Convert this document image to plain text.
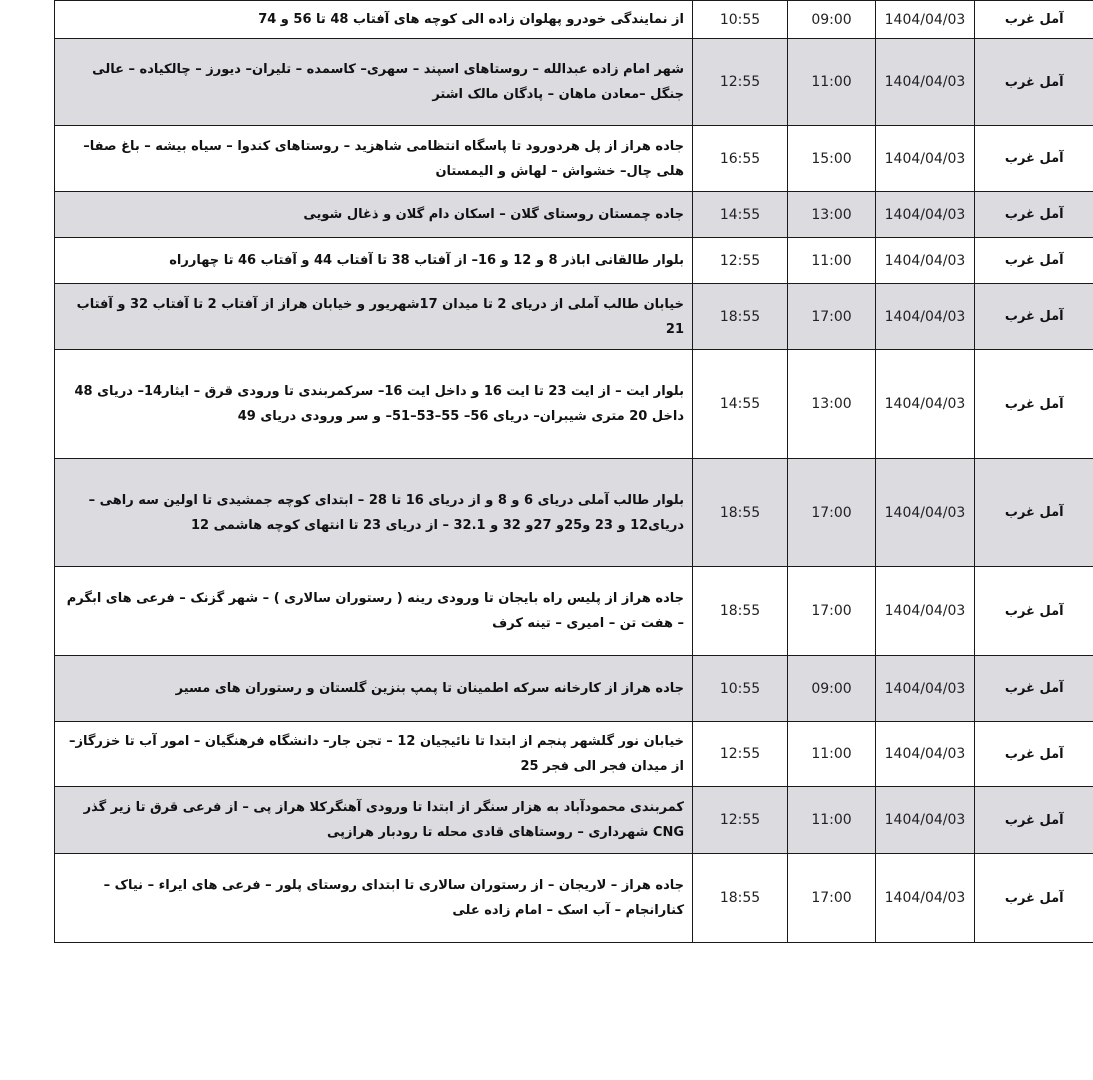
از نمایندگی خودرو پهلوان زاده الی کوچه های آفتاب 48 تا 56 و 74	10:55	09:00	1404/04/03	آمل غرب
شهر امام زاده عبدالله – روستاهای اسپند – سهری– کاسمده – تلیران– دیورز – چالکیاده – عالی جنگل –معادن ماهان – پادگان مالک اشتر	12:55	11:00	1404/04/03	آمل غرب
جاده هراز از پل هردورود تا پاسگاه انتظامی شاهزید – روستاهای کندوا – سیاه بیشه – باغ صفا– هلی چال– خشواش – لهاش و الیمستان	16:55	15:00	1404/04/03	آمل غرب
جاده چمستان روستای گلان – اسکان دام گلان و ذغال شویی	14:55	13:00	1404/04/03	آمل غرب
بلوار طالقانی اباذر 8 و 12 و 16– از آفتاب 38 تا آفتاب 44 و آفتاب 46 تا چهارراه	12:55	11:00	1404/04/03	آمل غرب
خیابان طالب آملی از دریای 2 تا میدان 17شهریور و خیابان هراز از آفتاب 2 تا آفتاب 32 و آفتاب 21	18:55	17:00	1404/04/03	آمل غرب
بلوار ایت – از ایت 23 تا ایت 16 و داخل ایت 16– سرکمربندی تا ورودی قرق – ایثار14– دریای 48 داخل 20 متری شیبران– دریای 56– 55–53–51– و سر ورودی دریای 49	14:55	13:00	1404/04/03	آمل غرب
بلوار طالب آملی دریای 6 و 8 و از دریای 16 تا 28 – ابتدای کوچه جمشیدی تا اولین سه راهی – دریای12 و 23 و25و 27و 32 و 32.1 – از دریای 23 تا انتهای کوچه هاشمی 12	18:55	17:00	1404/04/03	آمل غرب
جاده هراز از پلیس راه بایجان تا ورودی رینه ( رستوران سالاری ) – شهر گزنک – فرعی های ابگرم – هفت تن – امیری – تینه کرف	18:55	17:00	1404/04/03	آمل غرب
جاده هراز از کارخانه سرکه اطمینان تا پمپ بنزین گلستان و رستوران های مسیر	10:55	09:00	1404/04/03	آمل غرب
خیابان نور گلشهر پنجم از ابتدا تا نائیجیان 12 – تجن جار– دانشگاه فرهنگیان – امور آب تا خزرگاز– از میدان فجر الی فجر 25	12:55	11:00	1404/04/03	آمل غرب
کمربندی محمودآباد به هزار سنگر از ابتدا تا ورودی آهنگرکلا هراز پی – از فرعی قرق تا زیر گذر CNG شهرداری – روستاهای قادی محله تا رودبار هرازپی	12:55	11:00	1404/04/03	آمل غرب
جاده هراز – لاریجان – از رستوران سالاری تا ابتدای روستای پلور – فرعی های ایراء – نیاک – کنارانجام – آب اسک – امام زاده علی	18:55	17:00	1404/04/03	آمل غرب
